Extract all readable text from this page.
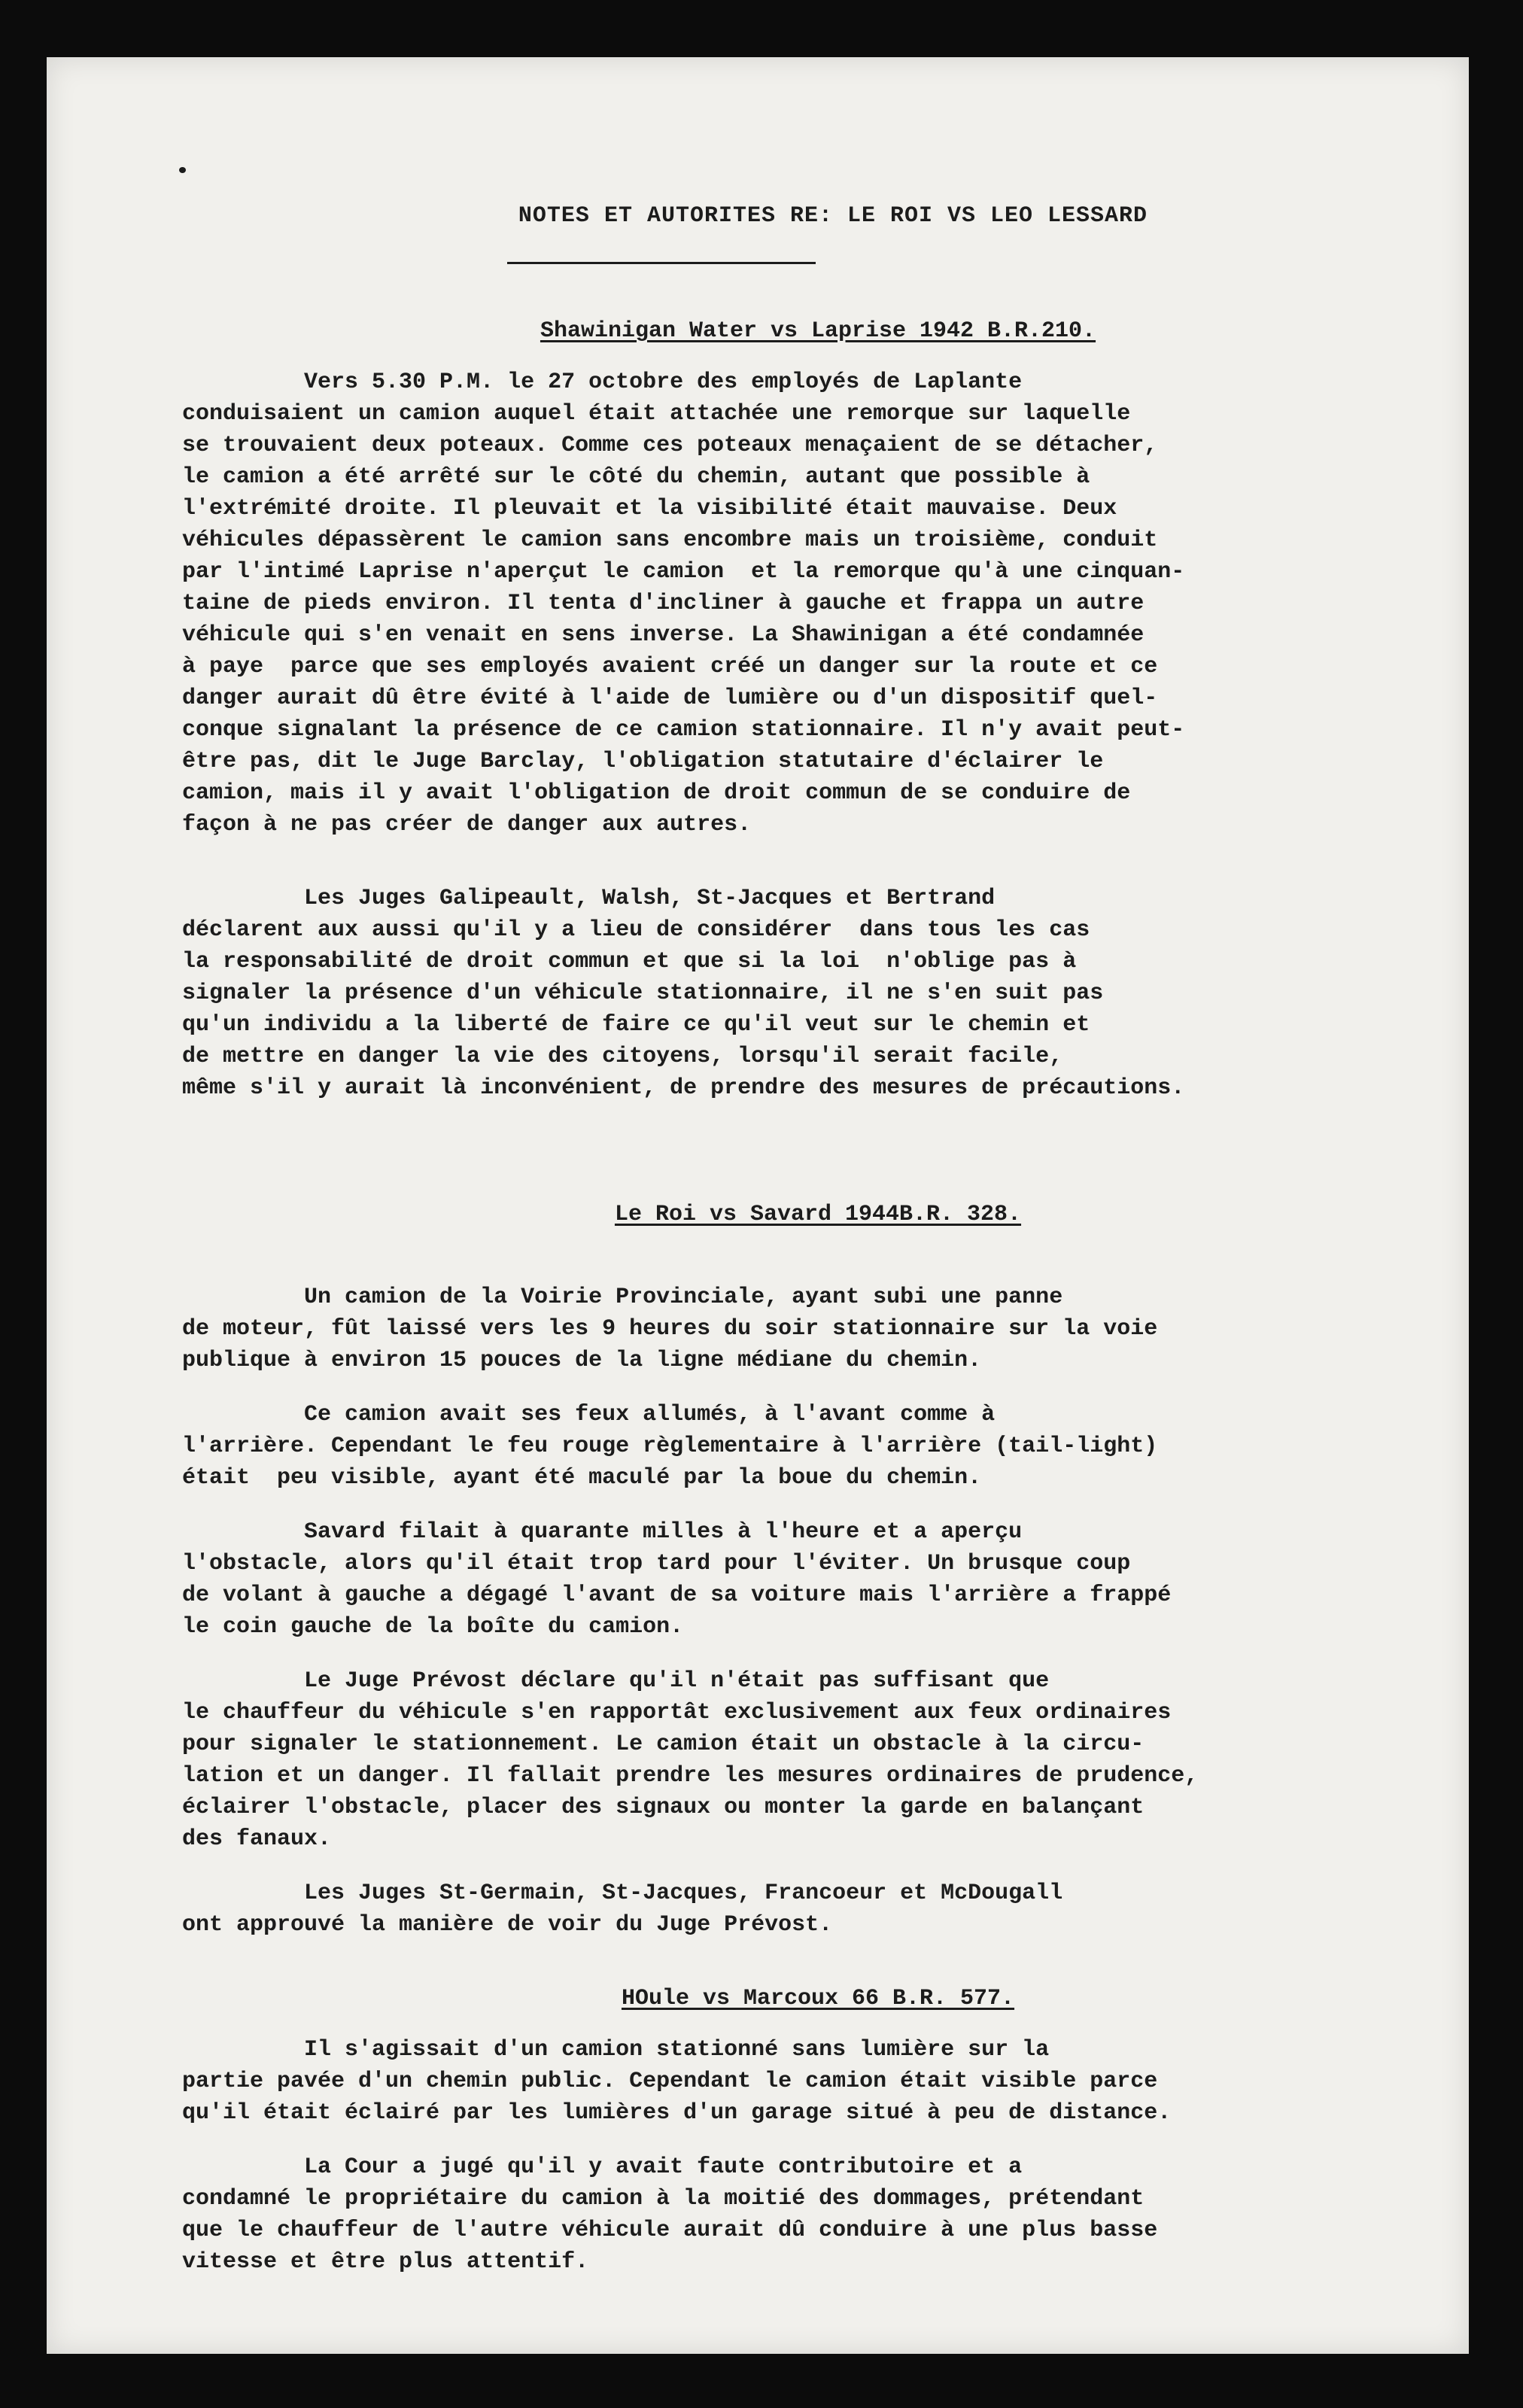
NOTES ET AUTORITES RE: LE ROI VS LEO LESSARD
Shawinigan Water vs Laprise 1942 B.R.210.

Vers 5.30 P.M. le 27 octobre des employés de Laplante
conduisaient un camion auquel était attachée une remorque sur laquelle
se trouvaient deux poteaux. Comme ces poteaux menaçaient de se détacher,
le camion a été arrêté sur le côté du chemin, autant que possible à
l'extrémité droite. Il pleuvait et la visibilité était mauvaise. Deux
véhicules dépassèrent le camion sans encombre mais un troisième, conduit
par l'intimé Laprise n'aperçut le camion  et la remorque qu'à une cinquan-
taine de pieds environ. Il tenta d'incliner à gauche et frappa un autre
véhicule qui s'en venait en sens inverse. La Shawinigan a été condamnée
à paye  parce que ses employés avaient créé un danger sur la route et ce
danger aurait dû être évité à l'aide de lumière ou d'un dispositif quel-
conque signalant la présence de ce camion stationnaire. Il n'y avait peut-
être pas, dit le Juge Barclay, l'obligation statutaire d'éclairer le
camion, mais il y avait l'obligation de droit commun de se conduire de
façon à ne pas créer de danger aux autres.

Les Juges Galipeault, Walsh, St-Jacques et Bertrand
déclarent aux aussi qu'il y a lieu de considérer  dans tous les cas
la responsabilité de droit commun et que si la loi  n'oblige pas à
signaler la présence d'un véhicule stationnaire, il ne s'en suit pas
qu'un individu a la liberté de faire ce qu'il veut sur le chemin et
de mettre en danger la vie des citoyens, lorsqu'il serait facile,
même s'il y aurait là inconvénient, de prendre des mesures de précautions.

Le Roi vs Savard 1944B.R. 328.

Un camion de la Voirie Provinciale, ayant subi une panne
de moteur, fût laissé vers les 9 heures du soir stationnaire sur la voie
publique à environ 15 pouces de la ligne médiane du chemin.

Ce camion avait ses feux allumés, à l'avant comme à
l'arrière. Cependant le feu rouge règlementaire à l'arrière (tail-light)
était  peu visible, ayant été maculé par la boue du chemin.

Savard filait à quarante milles à l'heure et a aperçu
l'obstacle, alors qu'il était trop tard pour l'éviter. Un brusque coup
de volant à gauche a dégagé l'avant de sa voiture mais l'arrière a frappé
le coin gauche de la boîte du camion.

Le Juge Prévost déclare qu'il n'était pas suffisant que
le chauffeur du véhicule s'en rapportât exclusivement aux feux ordinaires
pour signaler le stationnement. Le camion était un obstacle à la circu-
lation et un danger. Il fallait prendre les mesures ordinaires de prudence,
éclairer l'obstacle, placer des signaux ou monter la garde en balançant
des fanaux.

Les Juges St-Germain, St-Jacques, Francoeur et McDougall
ont approuvé la manière de voir du Juge Prévost.

HOule vs Marcoux 66 B.R. 577.

Il s'agissait d'un camion stationné sans lumière sur la
partie pavée d'un chemin public. Cependant le camion était visible parce
qu'il était éclairé par les lumières d'un garage situé à peu de distance.

La Cour a jugé qu'il y avait faute contributoire et a
condamné le propriétaire du camion à la moitié des dommages, prétendant
que le chauffeur de l'autre véhicule aurait dû conduire à une plus basse
vitesse et être plus attentif.
